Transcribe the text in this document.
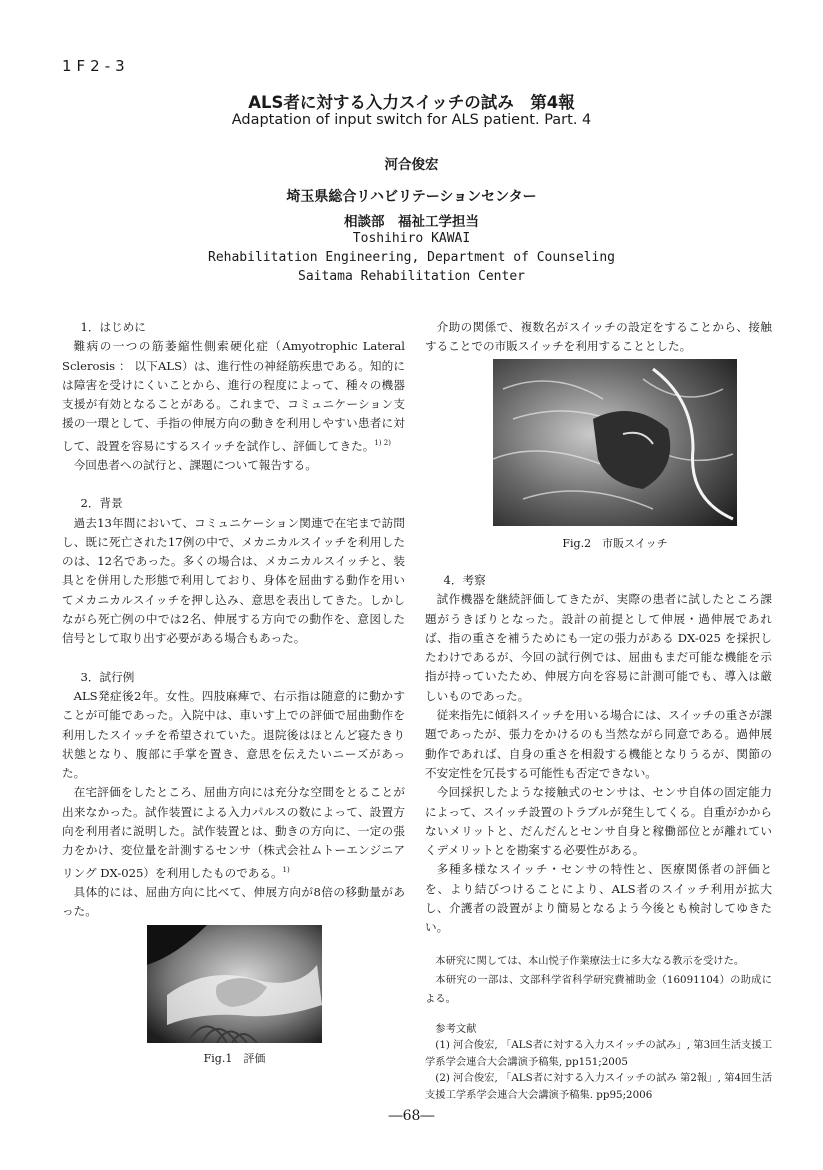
1F2-3
ALS者に対する入力スイッチの試み　第4報
Adaptation of input switch for ALS patient. Part. 4
河合俊宏
埼玉県総合リハビリテーションセンター
相談部　福祉工学担当
Toshihiro KAWAI
Rehabilitation Engineering, Department of Counseling
Saitama Rehabilitation Center

1．はじめに

難病の一つの筋萎縮性側索硬化症（Amyotrophic Lateral Sclerosis ： 以下ALS）は、進行性の神経筋疾患である。知的には障害を受けにくいことから、進行の程度によって、種々の機器支援が有効となることがある。これまで、コミュニケーション支援の一環として、手指の伸展方向の動きを利用しやすい患者に対して、設置を容易にするスイッチを試作し、評価してきた。$^{1) 2)}$

今回患者への試行と、課題について報告する。

2．背景

過去13年間において、コミュニケーション関連で在宅まで訪問し、既に死亡された17例の中で、メカニカルスイッチを利用したのは、12名であった。多くの場合は、メカニカルスイッチと、装具とを併用した形態で利用しており、身体を屈曲する動作を用いてメカニカルスイッチを押し込み、意思を表出してきた。しかしながら死亡例の中では2名、伸展する方向での動作を、意図した信号として取り出す必要がある場合もあった。

3．試行例

ALS発症後2年。女性。四肢麻痺で、右示指は随意的に動かすことが可能であった。入院中は、車いす上での評価で屈曲動作を利用したスイッチを希望されていた。退院後はほとんど寝たきり状態となり、腹部に手掌を置き、意思を伝えたいニーズがあった。

在宅評価をしたところ、屈曲方向には充分な空間をとることが出来なかった。試作装置による入力パルスの数によって、設置方向を利用者に説明した。試作装置とは、動きの方向に、一定の張力をかけ、変位量を計測するセンサ（株式会社ムトーエンジニアリング DX-025）を利用したものである。$^{1)}$

具体的には、屈曲方向に比べて、伸展方向が8倍の移動量があった。

Fig.1　評価

介助の関係で、複数名がスイッチの設定をすることから、接触することでの市販スイッチを利用することとした。

Fig.2　市販スイッチ

4．考察

試作機器を継続評価してきたが、実際の患者に試したところ課題がうきぼりとなった。設計の前提として伸展・過伸展であれば、指の重さを補うためにも一定の張力がある DX-025 を採択したわけであるが、今回の試行例では、屈曲もまだ可能な機能を示指が持っていたため、伸展方向を容易に計測可能でも、導入は厳しいものであった。

従来指先に傾斜スイッチを用いる場合には、スイッチの重さが課題であったが、張力をかけるのも当然ながら同意である。過伸展動作であれば、自身の重さを相殺する機能となりうるが、関節の不安定性を冗長する可能性も否定できない。

今回採択したような接触式のセンサは、センサ自体の固定能力によって、スイッチ設置のトラブルが発生してくる。自重がかからないメリットと、だんだんとセンサ自身と稼働部位とが離れていくデメリットとを勘案する必要性がある。

多種多様なスイッチ・センサの特性と、医療関係者の評価とを、より結びつけることにより、ALS者のスイッチ利用が拡大し、介護者の設置がより簡易となるよう今後とも検討してゆきたい。

本研究に関しては、本山悦子作業療法士に多大なる教示を受けた。

本研究の一部は、文部科学省科学研究費補助金（16091104）の助成による。

参考文献

(1) 河合俊宏, 「ALS者に対する入力スイッチの試み」, 第3回生活支援工学系学会連合大会講演予稿集, pp151;2005

(2) 河合俊宏, 「ALS者に対する入力スイッチの試み 第2報」, 第4回生活支援工学系学会連合大会講演予稿集. pp95;2006

―68―
